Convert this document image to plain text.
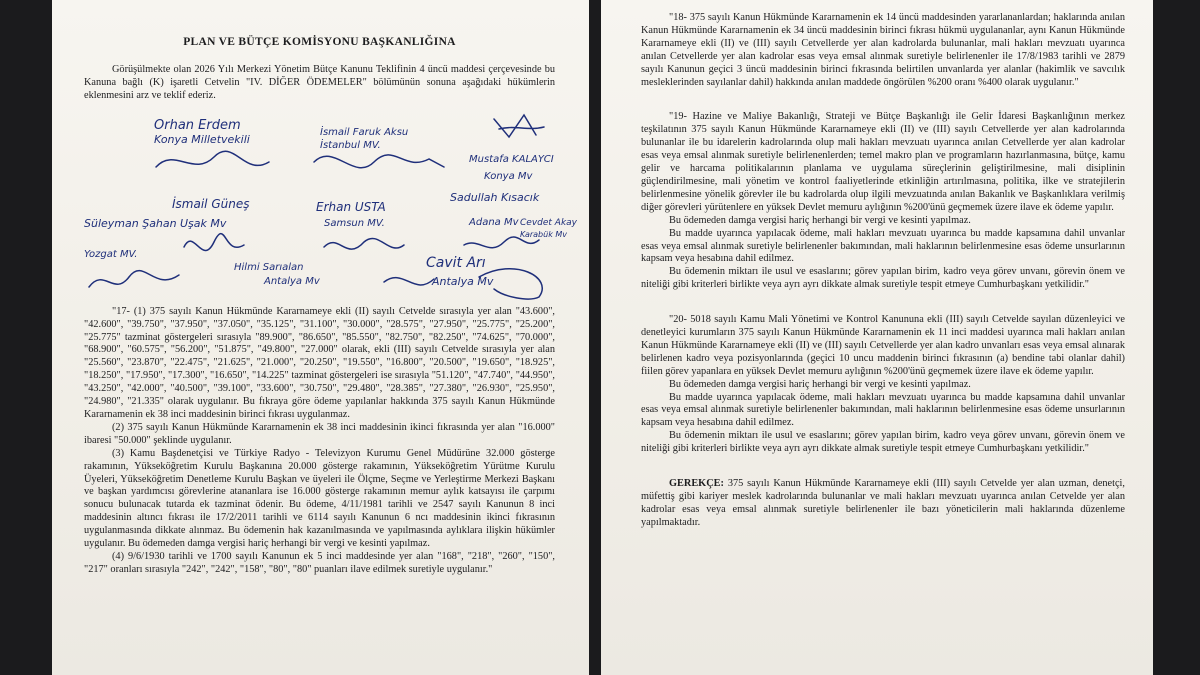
PLAN VE BÜTÇE KOMİSYONU BAŞKANLIĞINA

Görüşülmekte olan 2026 Yılı Merkezi Yönetim Bütçe Kanunu Teklifinin 4 üncü maddesi çerçevesinde bu Kanuna bağlı (K) işaretli Cetvelin "IV. DİĞER ÖDEMELER" bölümünün sonuna aşağıdaki hükümlerin eklenmesini arz ve teklif ederiz.

Orhan Erdem
Konya Milletvekili
İsmail Faruk Aksu
İstanbul MV.
Mustafa KALAYCI
Konya Mv
İsmail Güneş
Uşak Mv
Erhan USTA
Samsun MV.
Sadullah Kısacık
Adana Mv Cevdet Akay
Karabük Mv
Süleyman Şahan
Yozgat MV.
Hilmi Sarıalan
Antalya Mv
Cavit Arı
Antalya Mv

"17- (1) 375 sayılı Kanun Hükmünde Kararnameye ekli (II) sayılı Cetvelde sırasıyla yer alan "43.600", "42.600", "39.750", "37.950", "37.050", "35.125", "31.100", "30.000", "28.575", "27.950", "25.775", "25.200", "25.775" tazminat göstergeleri sırasıyla "89.900", "86.650", "85.550", "82.750", "82.250", "74.625", "70.000", "68.900", "60.575", "56.200", "51.875", "49.800", "27.000" olarak, ekli (III) sayılı Cetvelde sırasıyla yer alan "25.560", "23.870", "22.475", "21.625", "21.000", "20.250", "19.550", "16.800", "20.500", "19.650", "18.925", "18.250", "17.950", "17.300", "16.650", "14.225" tazminat göstergeleri ise sırasıyla "51.120", "47.740", "44.950", "43.250", "42.000", "40.500", "39.100", "33.600", "30.750", "29.480", "28.385", "27.380", "26.930", "25.950", "24.980", "21.335" olarak uygulanır. Bu fıkraya göre ödeme yapılanlar hakkında 375 sayılı Kanun Hükmünde Kararnamenin ek 38 inci maddesinin birinci fıkrası uygulanmaz.

(2) 375 sayılı Kanun Hükmünde Kararnamenin ek 38 inci maddesinin ikinci fıkrasında yer alan "16.000" ibaresi "50.000" şeklinde uygulanır.

(3) Kamu Başdenetçisi ve Türkiye Radyo - Televizyon Kurumu Genel Müdürüne 32.000 gösterge rakamının, Yükseköğretim Kurulu Başkanına 20.000 gösterge rakamının, Yükseköğretim Yürütme Kurulu Üyeleri, Yükseköğretim Denetleme Kurulu Başkan ve üyeleri ile Ölçme, Seçme ve Yerleştirme Merkezi Başkanı ve başkan yardımcısı görevlerine atananlara ise 16.000 gösterge rakamının memur aylık katsayısı ile çarpımı sonucu bulunacak tutarda ek tazminat ödenir. Bu ödeme, 4/11/1981 tarihli ve 2547 sayılı Kanunun 8 inci maddesinin altıncı fıkrası ile 17/2/2011 tarihli ve 6114 sayılı Kanunun 6 ncı maddesinin ikinci fıkrasının uygulanmasında dikkate alınmaz. Bu ödemenin hak kazanılmasında ve yapılmasında aylıklara ilişkin hükümler uygulanır. Bu ödemeden damga vergisi hariç herhangi bir vergi ve kesinti yapılmaz.

(4) 9/6/1930 tarihli ve 1700 sayılı Kanunun ek 5 inci maddesinde yer alan "168", "218", "260", "150", "217" oranları sırasıyla "242", "242", "158", "80", "80" puanları ilave edilmek suretiyle uygulanır."

"18- 375 sayılı Kanun Hükmünde Kararnamenin ek 14 üncü maddesinden yararlananlardan; haklarında anılan Kanun Hükmünde Kararnamenin ek 34 üncü maddesinin birinci fıkrası hükmü uygulananlar, aynı Kanun Hükmünde Kararnameye ekli (II) ve (III) sayılı Cetvellerde yer alan kadrolarda bulunanlar, mali hakları mevzuatı uyarınca anılan Cetvellerde yer alan kadrolar esas veya emsal alınmak suretiyle belirlenenler ile 17/8/1983 tarihli ve 2879 sayılı Kanunun geçici 3 üncü maddesinin birinci fıkrasında belirtilen unvanlarda yer alanlar (hakimlik ve savcılık mesleklerinden sayılanlar dahil) hakkında anılan maddede öngörülen %200 oranı %400 olarak uygulanır."

"19- Hazine ve Maliye Bakanlığı, Strateji ve Bütçe Başkanlığı ile Gelir İdaresi Başkanlığının merkez teşkilatının 375 sayılı Kanun Hükmünde Kararnameye ekli (II) ve (III) sayılı Cetvellerde yer alan kadrolarında bulunanlar ile bu idarelerin kadrolarında olup mali hakları mevzuatı uyarınca anılan Cetvellerde yer alan kadrolar esas veya emsal alınmak suretiyle belirlenenlerden; temel makro plan ve programların hazırlanmasına, bütçe, kamu gelir ve harcama politikalarının planlama ve uygulama süreçlerinin geliştirilmesine, mali disiplinin güçlendirilmesine, mali yönetim ve kontrol faaliyetlerinde etkinliğin artırılmasına, politika, ilke ve stratejilerin belirlenmesine yönelik görevler ile bu kadrolarda olup ilgili mevzuatında anılan Bakanlık ve Başkanlıklara verilmiş diğer görevleri yürütenlere en yüksek Devlet memuru aylığının %200'ünü geçmemek üzere ilave ek ödeme yapılır.

Bu ödemeden damga vergisi hariç herhangi bir vergi ve kesinti yapılmaz.

Bu madde uyarınca yapılacak ödeme, mali hakları mevzuatı uyarınca bu madde kapsamına dahil unvanlar esas veya emsal alınmak suretiyle belirlenenler bakımından, mali haklarının belirlenmesine esas ödeme unsurlarının kapsam veya hesabına dahil edilmez.

Bu ödemenin miktarı ile usul ve esaslarını; görev yapılan birim, kadro veya görev unvanı, görevin önem ve niteliği gibi kriterleri birlikte veya ayrı ayrı dikkate almak suretiyle tespit etmeye Cumhurbaşkanı yetkilidir."

"20- 5018 sayılı Kamu Mali Yönetimi ve Kontrol Kanununa ekli (III) sayılı Cetvelde sayılan düzenleyici ve denetleyici kurumların 375 sayılı Kanun Hükmünde Kararnamenin ek 11 inci maddesi uyarınca mali hakları anılan Kanun Hükmünde Kararnameye ekli (II) ve (III) sayılı Cetvellerde yer alan kadro unvanları esas veya emsal alınarak belirlenen kadro veya pozisyonlarında (geçici 10 uncu maddenin birinci fıkrasının (a) bendine tabi olanlar dahil) fiilen görev yapanlara en yüksek Devlet memuru aylığının %200'ünü geçmemek üzere ilave ek ödeme yapılır.

Bu ödemeden damga vergisi hariç herhangi bir vergi ve kesinti yapılmaz.

Bu madde uyarınca yapılacak ödeme, mali hakları mevzuatı uyarınca bu madde kapsamına dahil unvanlar esas veya emsal alınmak suretiyle belirlenenler bakımından, mali haklarının belirlenmesine esas ödeme unsurlarının kapsam veya hesabına dahil edilmez.

Bu ödemenin miktarı ile usul ve esaslarını; görev yapılan birim, kadro veya görev unvanı, görevin önem ve niteliği gibi kriterleri birlikte veya ayrı ayrı dikkate almak suretiyle tespit etmeye Cumhurbaşkanı yetkilidir."

GEREKÇE: 375 sayılı Kanun Hükmünde Kararnameye ekli (III) sayılı Cetvelde yer alan uzman, denetçi, müfettiş gibi kariyer meslek kadrolarında bulunanlar ve mali hakları mevzuatı uyarınca anılan Cetvelde yer alan kadrolar esas veya emsal alınmak suretiyle belirlenenler ile bazı yöneticilerin mali haklarında düzenleme yapılmaktadır.
